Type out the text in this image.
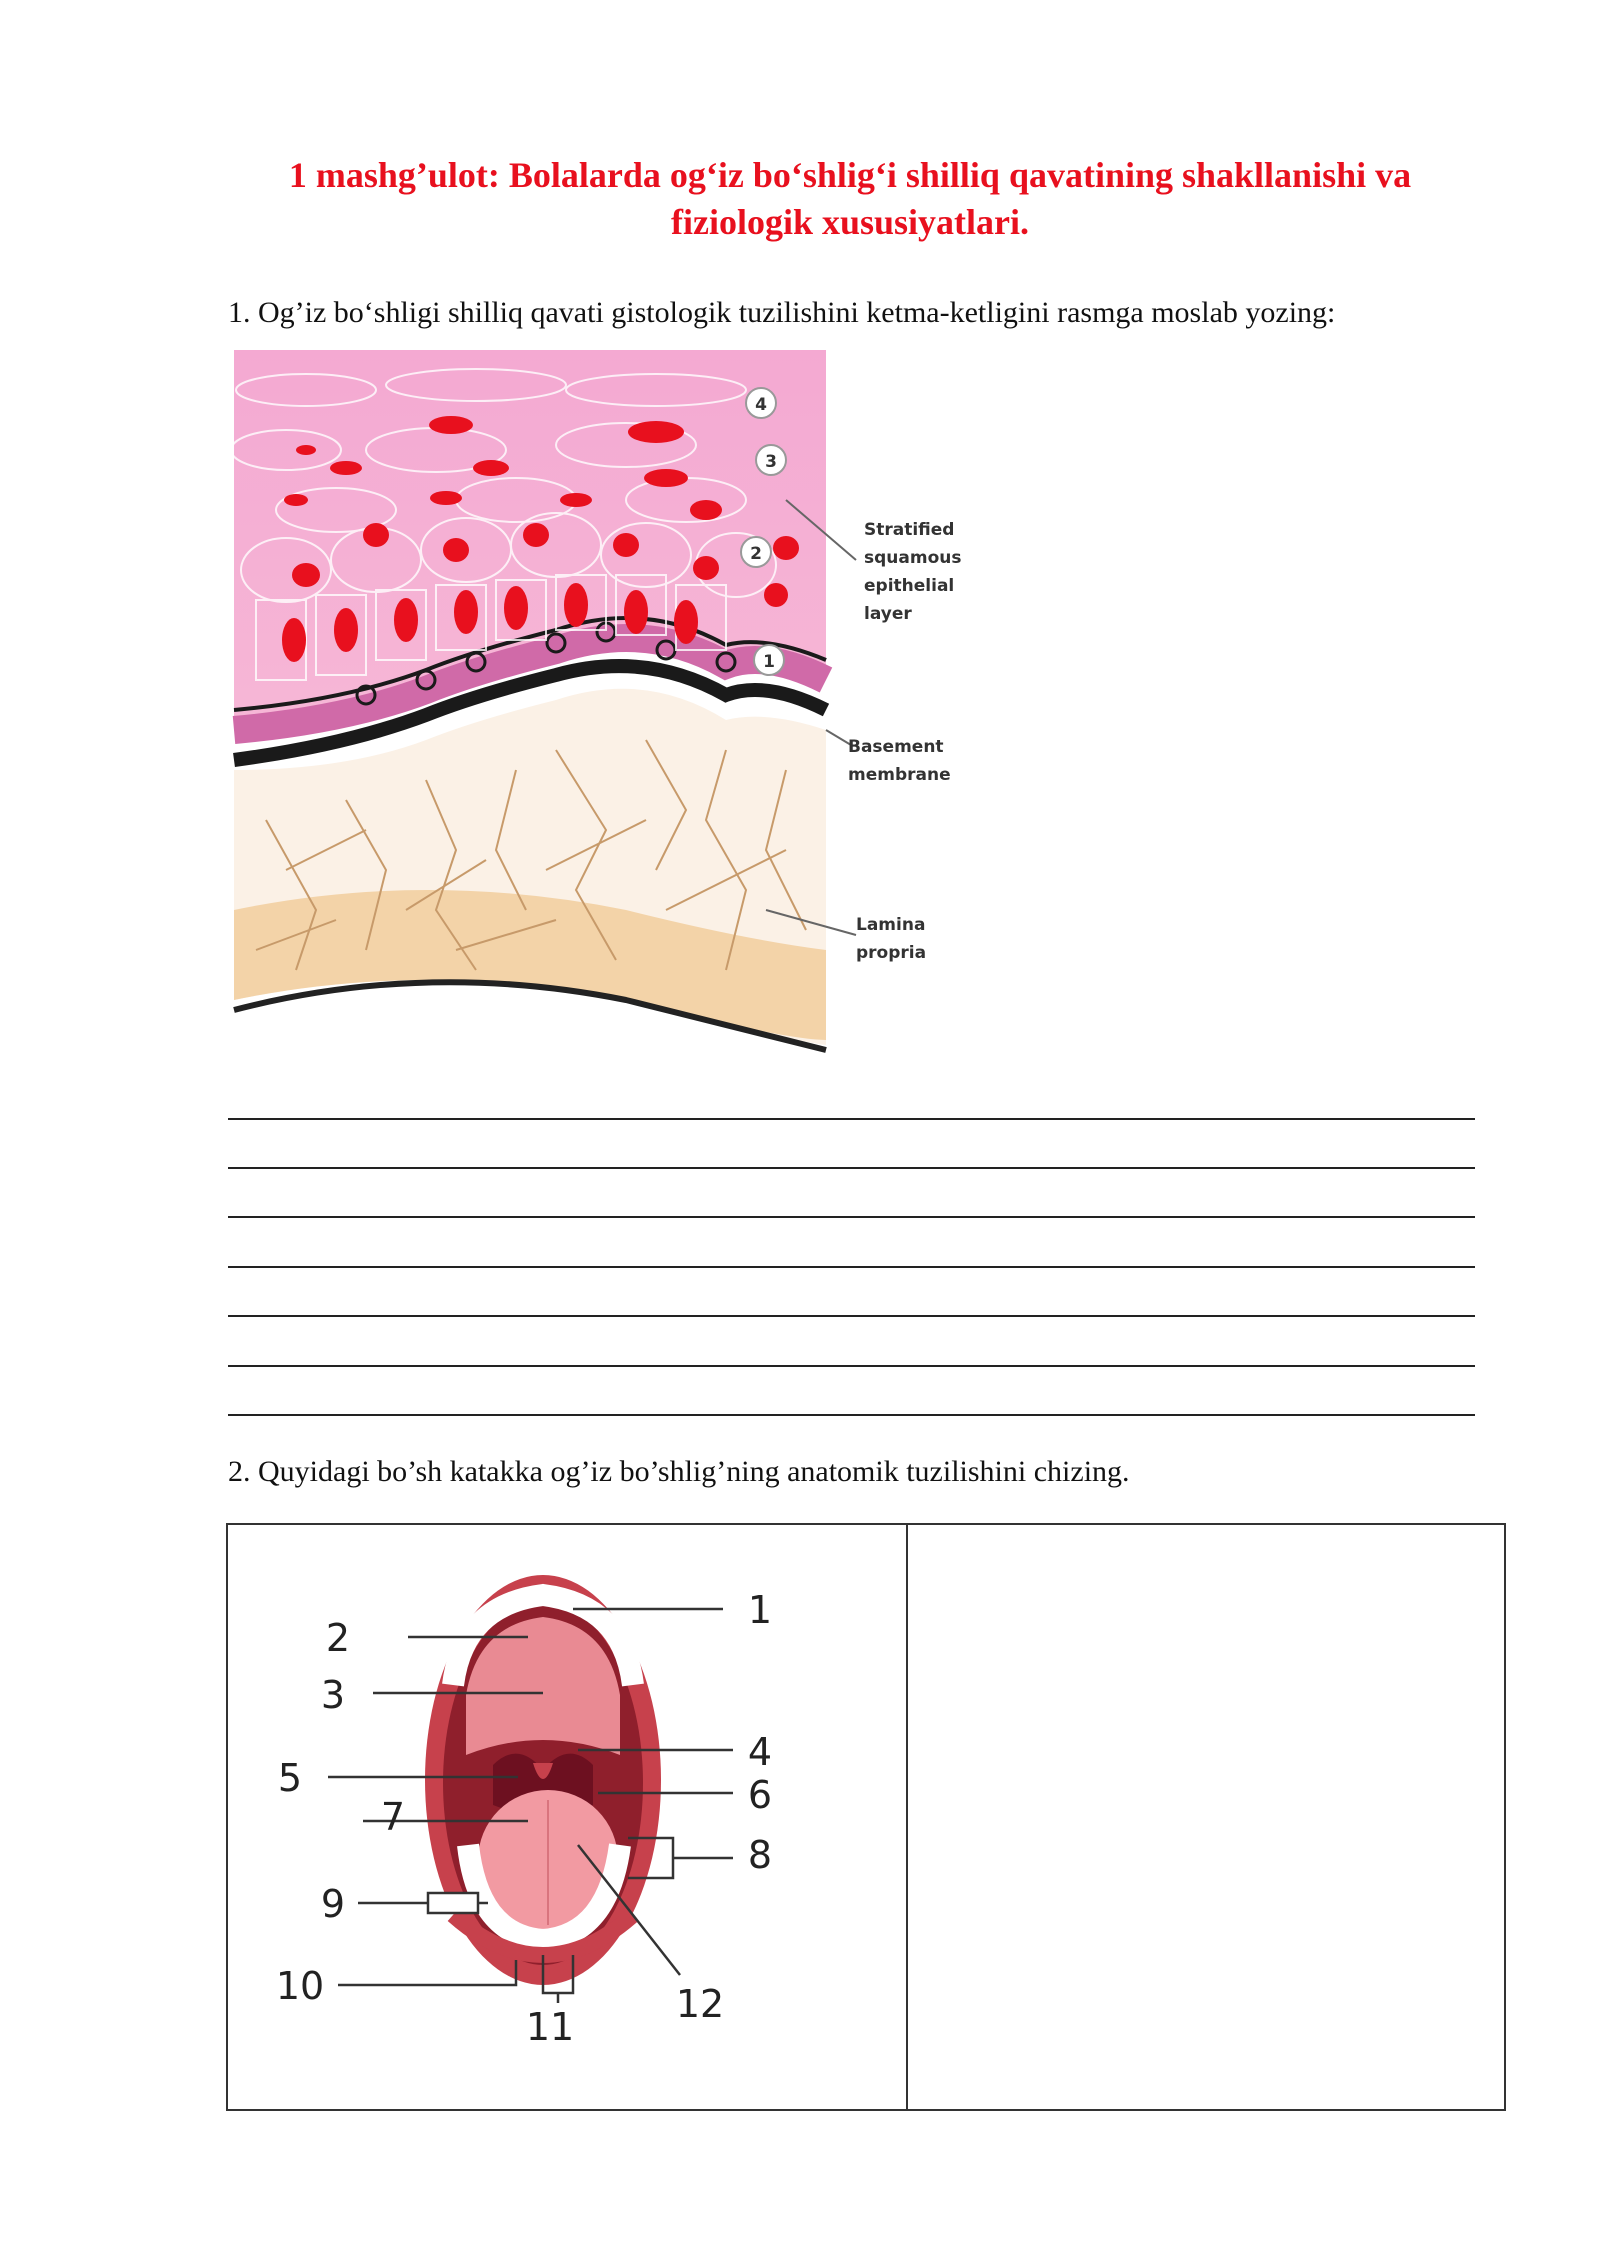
1 mashg’ulot: Bolalarda og‘iz bo‘shlig‘i shilliq qavatining shakllanishi va
fiziologik xususiyatlari.
1. Og’iz bo‘shligi shilliq qavati gistologik tuzilishini ketma-ketligini rasmga moslab yozing:
4
3
2
1
Stratified
squamous
epithelial
layer
Basement
membrane
Lamina
propria
2. Quyidagi bo’sh katakka og’iz bo’shlig’ning anatomik tuzilishini chizing.
1
2
3
4
5	6
7
8
9
10
11
12
